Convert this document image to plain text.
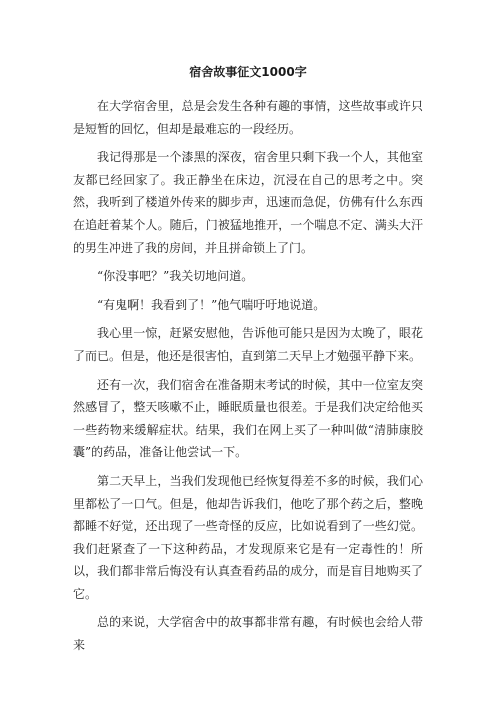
宿舍故事征文1000字

在大学宿舍里，总是会发生各种有趣的事情，这些故事或许只是短暂的回忆，但却是最难忘的一段经历。

我记得那是一个漆黑的深夜，宿舍里只剩下我一个人，其他室友都已经回家了。我正静坐在床边，沉浸在自己的思考之中。突然，我听到了楼道外传来的脚步声，迅速而急促，仿佛有什么东西在追赶着某个人。随后，门被猛地推开，一个喘息不定、满头大汗的男生冲进了我的房间，并且拼命锁上了门。

“你没事吧？”我关切地问道。

“有鬼啊！我看到了！”他气喘吁吁地说道。

我心里一惊，赶紧安慰他，告诉他可能只是因为太晚了，眼花了而已。但是，他还是很害怕，直到第二天早上才勉强平静下来。

还有一次，我们宿舍在准备期末考试的时候，其中一位室友突然感冒了，整天咳嗽不止，睡眠质量也很差。于是我们决定给他买一些药物来缓解症状。结果，我们在网上买了一种叫做“清肺康胶囊”的药品，准备让他尝试一下。

第二天早上，当我们发现他已经恢复得差不多的时候，我们心里都松了一口气。但是，他却告诉我们，他吃了那个药之后，整晚都睡不好觉，还出现了一些奇怪的反应，比如说看到了一些幻觉。我们赶紧查了一下这种药品，才发现原来它是有一定毒性的！所以，我们都非常后悔没有认真查看药品的成分，而是盲目地购买了它。

总的来说，大学宿舍中的故事都非常有趣，有时候也会给人带来
